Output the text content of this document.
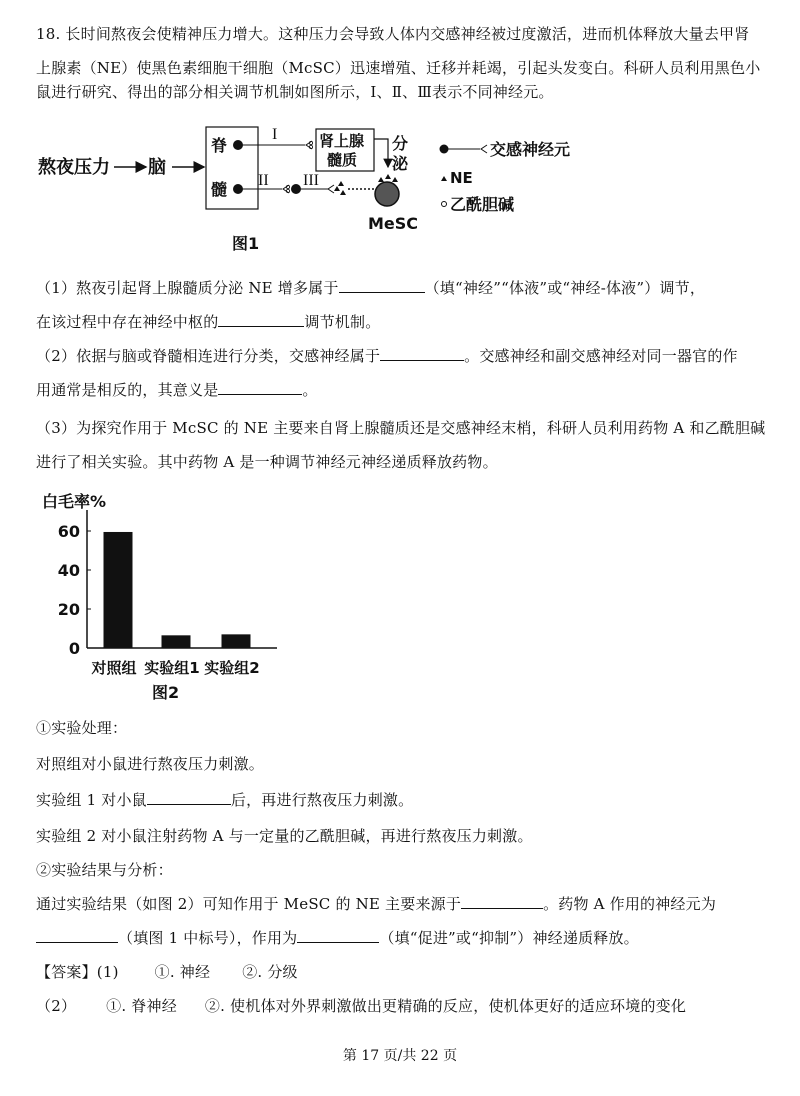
18. 长时间熬夜会使精神压力增大。这种压力会导致人体内交感神经被过度激活，进而机体释放大量去甲肾
上腺素（NE）使黑色素细胞干细胞（McSC）迅速增殖、迁移并耗竭，引起头发变白。科研人员利用黑色小
鼠进行研究、得出的部分相关调节机制如图所示，Ⅰ、Ⅱ、Ⅲ表示不同神经元。
熬夜压力 脑
脊
髓
I	肾上腺
髓质
分
泌
MeSC
II III
交感神经元
NE
乙酰胆碱
图1
（1）熬夜引起肾上腺髓质分泌 NE 增多属于	（填“神经”“体液”或“神经-体液”）调节，
在该过程中存在神经中枢的	调节机制。
（2）依据与脑或脊髓相连进行分类，交感神经属于	。交感神经和副交感神经对同一器官的作
用通常是相反的，其意义是	。
（3）为探究作用于 McSC 的 NE 主要来自肾上腺髓质还是交感神经末梢，科研人员利用药物 A 和乙酰胆碱
进行了相关实验。其中药物 A 是一种调节神经元神经递质释放药物。
白毛率%
0
20
40
60
对照组 实验组1 实验组2
图2
①实验处理：
对照组对小鼠进行熬夜压力刺激。
实验组 1 对小鼠	后，再进行熬夜压力刺激。
实验组 2 对小鼠注射药物 A 与一定量的乙酰胆碱，再进行熬夜压力刺激。
②实验结果与分析：
通过实验结果（如图 2）可知作用于 MeSC 的 NE 主要来源于	。药物 A 作用的神经元为
（填图 1 中标号），作用为	（填“促进”或“抑制”）神经递质释放。
【答案】(1) ①. 神经 ②. 分级
（2） ①. 脊神经 ②. 使机体对外界刺激做出更精确的反应，使机体更好的适应环境的变化
第 17 页/共 22 页
